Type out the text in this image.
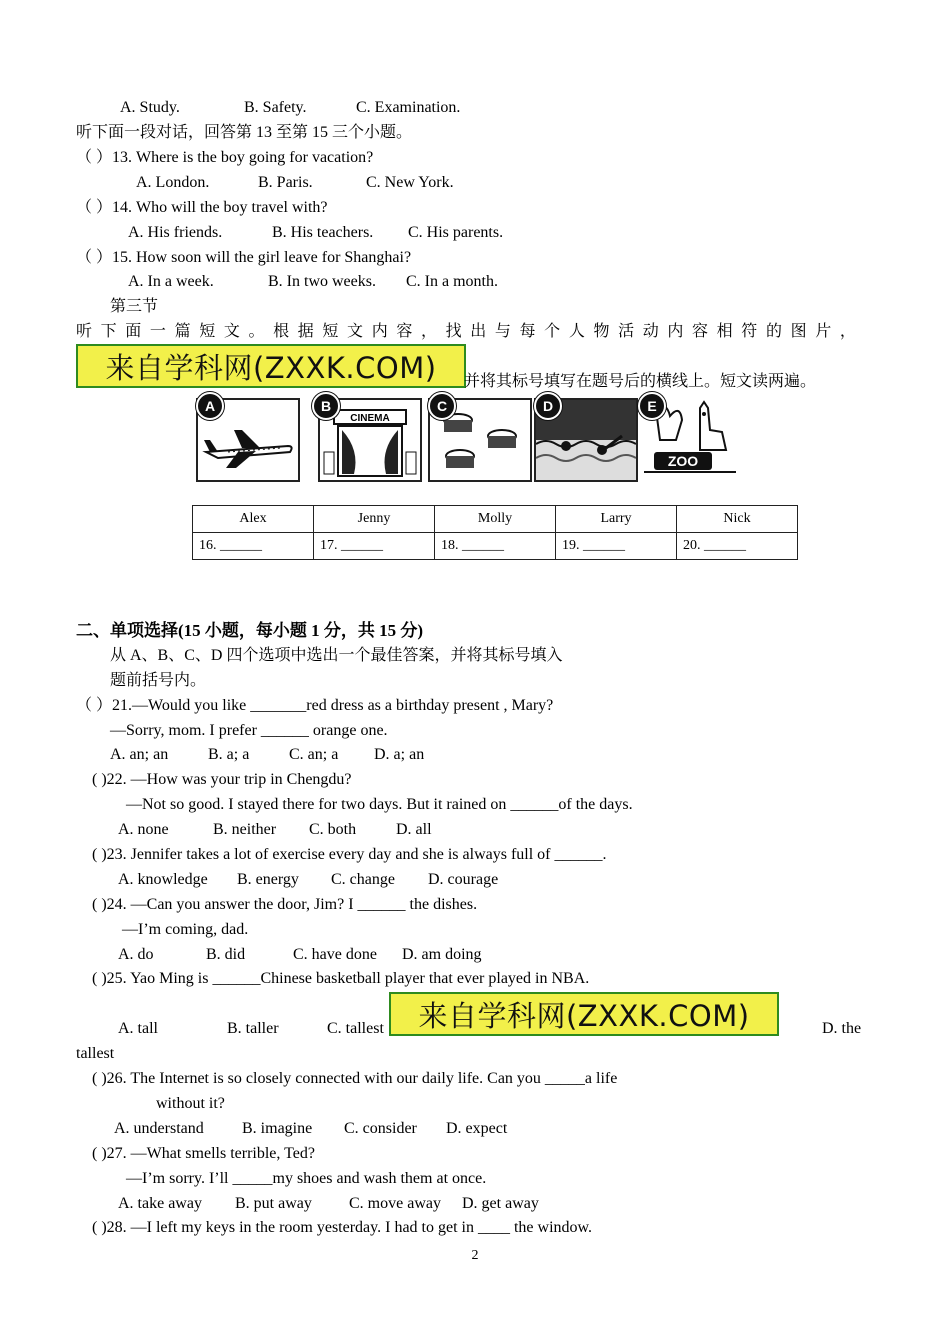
A. Study.	B. Safety.	C. Examination.
听下面一段对话，回答第 13 至第 15 三个小题。
（ ）13. Where is the boy going for vacation?
A. London.	B. Paris.	C. New York.
（ ）14. Who will the boy travel with?
A. His friends.	B. His teachers. C. His parents.
（ ）15. How soon will the girl leave for Shanghai?
A. In a week.	B. In two weeks. C. In a month.
第三节
听 下 面 一 篇 短 文 。 根 据 短 文 内 容 ， 找 出 与 每 个 人 物 活 动 内 容 相 符 的 图 片 ，
来自学科网(ZXXK.COM)	并将其标号填写在题号后的横线上。短文读两遍。
A
CINEMA
B	C	D
ZOO
E
Alex	Jenny	Molly	Larry	Nick
16. ______	17. ______	18. ______	19. ______	20. ______
二、单项选择(15 小题，每小题 1 分，共 15 分)
从 A、B、C、D 四个选项中选出一个最佳答案，并将其标号填入
题前括号内。
（ ）21.—Would you like _______red dress as a birthday present , Mary?
—Sorry, mom. I prefer ______ orange one.
A. an; an B. a; a C. an; a D. a; an
( )22. —How was your trip in Chengdu?
—Not so good. I stayed there for two days. But it rained on ______of the days.
A. none	B. neither C. both D. all
( )23. Jennifer takes a lot of exercise every day and she is always full of ______.
A. knowledge B. energy C. change D. courage
( )24. —Can you answer the door, Jim? I ______ the dishes.
—I’m coming, dad.
A. do	B. did	C. have done D. am doing
( )25. Yao Ming is ______Chinese basketball player that ever played in NBA.
A. tall	B. taller	C. tallest	来自学科网(ZXXK.COM)	D. the
tallest
( )26. The Internet is so closely connected with our daily life. Can you _____a life
without it?
A. understand B. imagine C. consider D. expect
( )27. —What smells terrible, Ted?
—I’m sorry. I’ll _____my shoes and wash them at once.
A. take away B. put away C. move away D. get away
( )28. —I left my keys in the room yesterday. I had to get in ____ the window.
2
